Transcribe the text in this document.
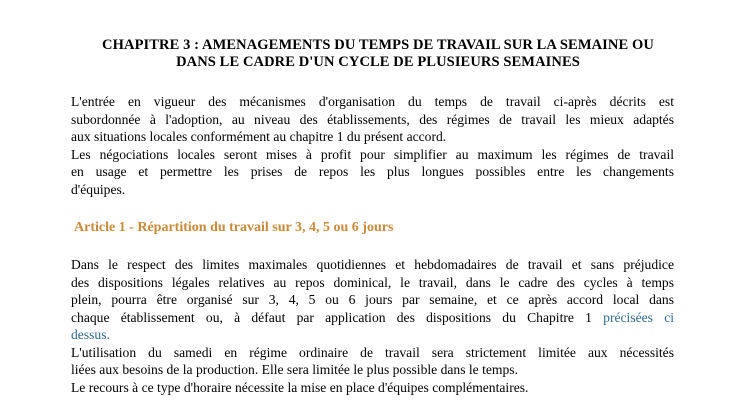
CHAPITRE 3 : AMENAGEMENTS DU TEMPS DE TRAVAIL SUR LA SEMAINE OU
DANS LE CADRE D'UN CYCLE DE PLUSIEURS SEMAINES
L'entrée en vigueur des mécanismes d'organisation du temps de travail ci-après décrits est
subordonnée à l'adoption, au niveau des établissements, des régimes de travail les mieux adaptés
aux situations locales conformément au chapitre 1 du présent accord.
Les négociations locales seront mises à profit pour simplifier au maximum les régimes de travail
en usage et permettre les prises de repos les plus longues possibles entre les changements
d'équipes.
Article 1 - Répartition du travail sur 3, 4, 5 ou 6 jours
Dans le respect des limites maximales quotidiennes et hebdomadaires de travail et sans préjudice
des dispositions légales relatives au repos dominical, le travail, dans le cadre des cycles à temps
plein, pourra être organisé sur 3, 4, 5 ou 6 jours par semaine, et ce après accord local dans
chaque établissement ou, à défaut par application des dispositions du Chapitre 1 précisées ci
dessus.
L'utilisation du samedi en régime ordinaire de travail sera strictement limitée aux nécessités
liées aux besoins de la production. Elle sera limitée le plus possible dans le temps.
Le recours à ce type d'horaire nécessite la mise en place d'équipes complémentaires.
